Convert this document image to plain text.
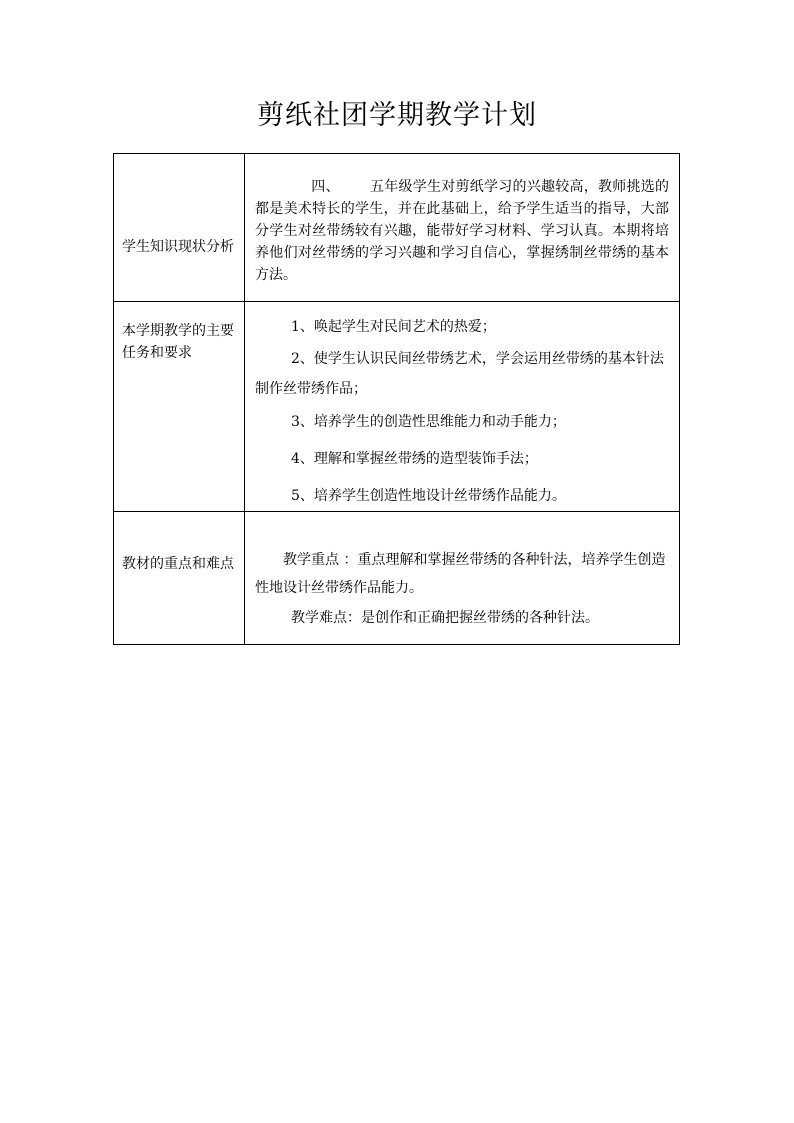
剪纸社团学期教学计划
学生知识现状分析	四、 五年级学生对剪纸学习的兴趣较高，教师挑选的都是美术特长的学生，并在此基础上，给予学生适当的指导，大部分学生对丝带绣较有兴趣，能带好学习材料、学习认真。本期将培养他们对丝带绣的学习兴趣和学习自信心，掌握绣制丝带绣的基本方法。

本学期教学的主要任务和要求	1、唤起学生对民间艺术的热爱；

2、使学生认识民间丝带绣艺术，学会运用丝带绣的基本针法制作丝带绣作品；

3、培养学生的创造性思维能力和动手能力；

4、理解和掌握丝带绣的造型装饰手法；

5、培养学生创造性地设计丝带绣作品能力。

教材的重点和难点	教学重点 ：重点理解和掌握丝带绣的各种针法，培养学生创造性地设计丝带绣作品能力。

教学难点：是创作和正确把握丝带绣的各种针法。
